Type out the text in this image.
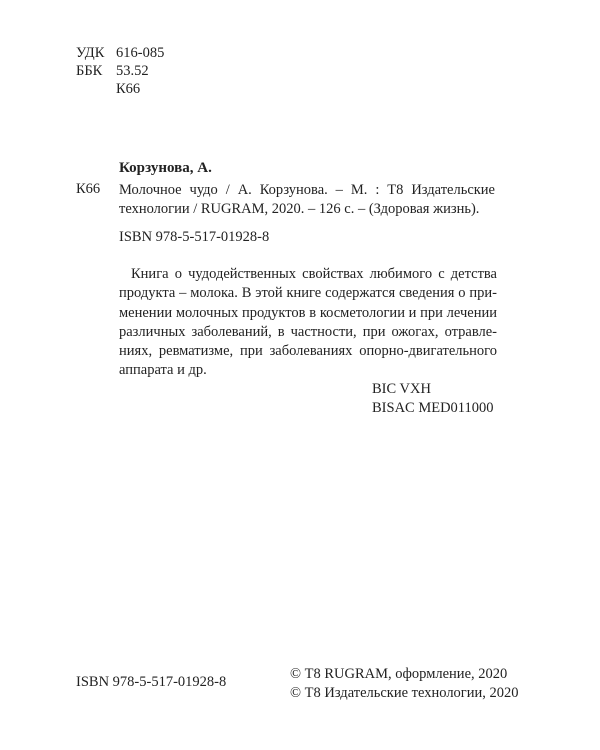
УДК 616-085
ББК 53.52
К66
Корзунова, А.
К66 Молочное чудо / А. Корзунова. – М. : Т8 Издательские
технологии / RUGRAM, 2020. – 126 с. – (Здоровая жизнь).
ISBN 978-5-517-01928-8
Книга о чудодейственных свойствах любимого с детства
продукта – молока. В этой книге содержатся сведения о при-
менении молочных продуктов в косметологии и при лечении
различных заболеваний, в частности, при ожогах, отравле-
ниях, ревматизме, при заболеваниях опорно-двигательного
аппарата и др.
BIC VXH
BISAC MED011000
ISBN 978-5-517-01928-8	© Т8 RUGRAM, оформление, 2020
© Т8 Издательские технологии, 2020
